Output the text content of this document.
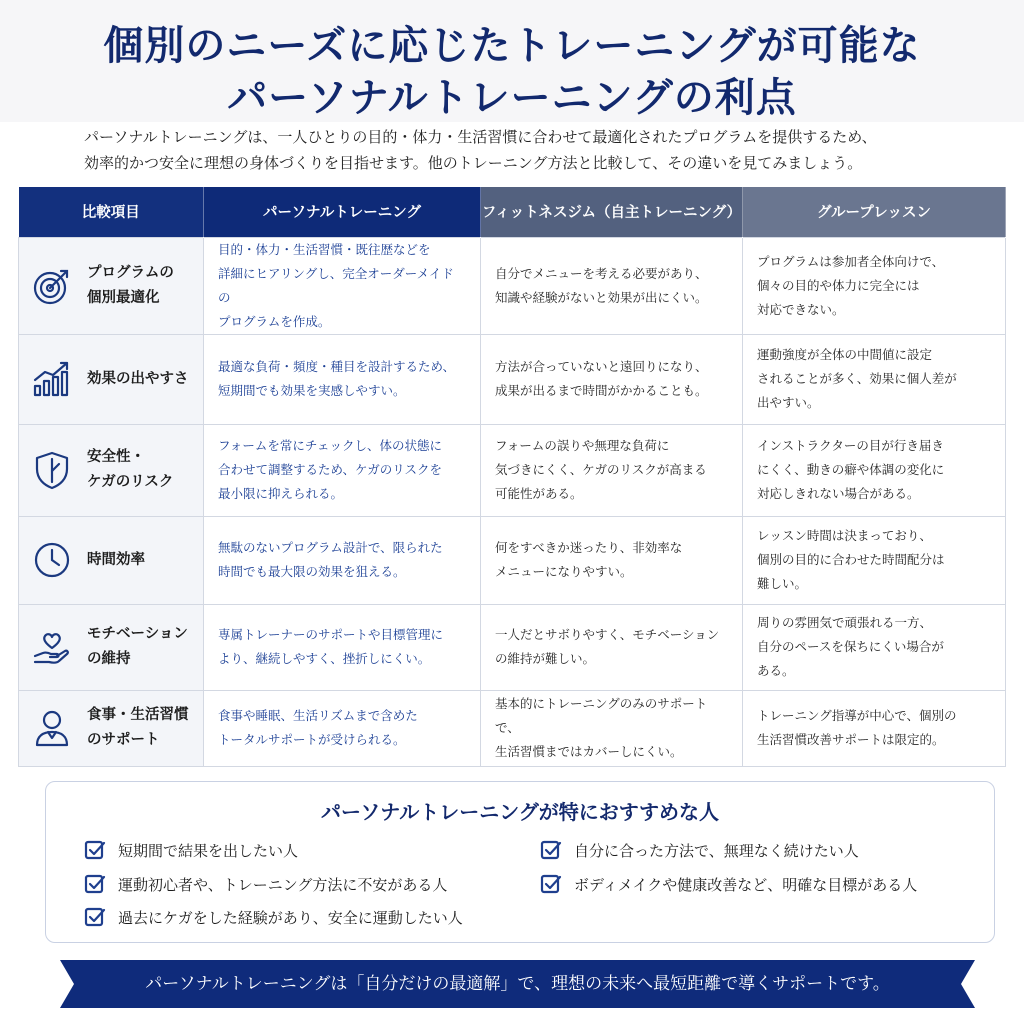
個別のニーズに応じたトレーニングが可能な
パーソナルトレーニングの利点

パーソナルトレーニングは、一人ひとりの目的・体力・生活習慣に合わせて最適化されたプログラムを提供するため、

効率的かつ安全に理想の身体づくりを目指せます。他のトレーニング方法と比較して、その違いを見てみましょう。

比較項目	パーソナルトレーニング	フィットネスジム（自主トレーニング）	グループレッスン

プログラムの
個別最適化	目的・体力・生活習慣・既往歴などを
詳細にヒアリングし、完全オーダーメイドの
プログラムを作成。	自分でメニューを考える必要があり、
知識や経験がないと効果が出にくい。	プログラムは参加者全体向けで、
個々の目的や体力に完全には
対応できない。

効果の出やすさ	最適な負荷・頻度・種目を設計するため、
短期間でも効果を実感しやすい。	方法が合っていないと遠回りになり、
成果が出るまで時間がかかることも。	運動強度が全体の中間値に設定
されることが多く、効果に個人差が
出やすい。

安全性・
ケガのリスク	フォームを常にチェックし、体の状態に
合わせて調整するため、ケガのリスクを
最小限に抑えられる。	フォームの誤りや無理な負荷に
気づきにくく、ケガのリスクが高まる
可能性がある。	インストラクターの目が行き届き
にくく、動きの癖や体調の変化に
対応しきれない場合がある。

時間効率	無駄のないプログラム設計で、限られた
時間でも最大限の効果を狙える。	何をすべきか迷ったり、非効率な
メニューになりやすい。	レッスン時間は決まっており、
個別の目的に合わせた時間配分は
難しい。

モチベーション
の維持	専属トレーナーのサポートや目標管理に
より、継続しやすく、挫折しにくい。	一人だとサボりやすく、モチベーション
の維持が難しい。	周りの雰囲気で頑張れる一方、
自分のペースを保ちにくい場合が
ある。

食事・生活習慣
のサポート	食事や睡眠、生活リズムまで含めた
トータルサポートが受けられる。	基本的にトレーニングのみのサポートで、
生活習慣まではカバーしにくい。	トレーニング指導が中心で、個別の
生活習慣改善サポートは限定的。
パーソナルトレーニングが特におすすめな人
短期間で結果を出したい人
運動初心者や、トレーニング方法に不安がある人
過去にケガをした経験があり、安全に運動したい人
自分に合った方法で、無理なく続けたい人
ボディメイクや健康改善など、明確な目標がある人
パーソナルトレーニングは「自分だけの最適解」で、理想の未来へ最短距離で導くサポートです。
